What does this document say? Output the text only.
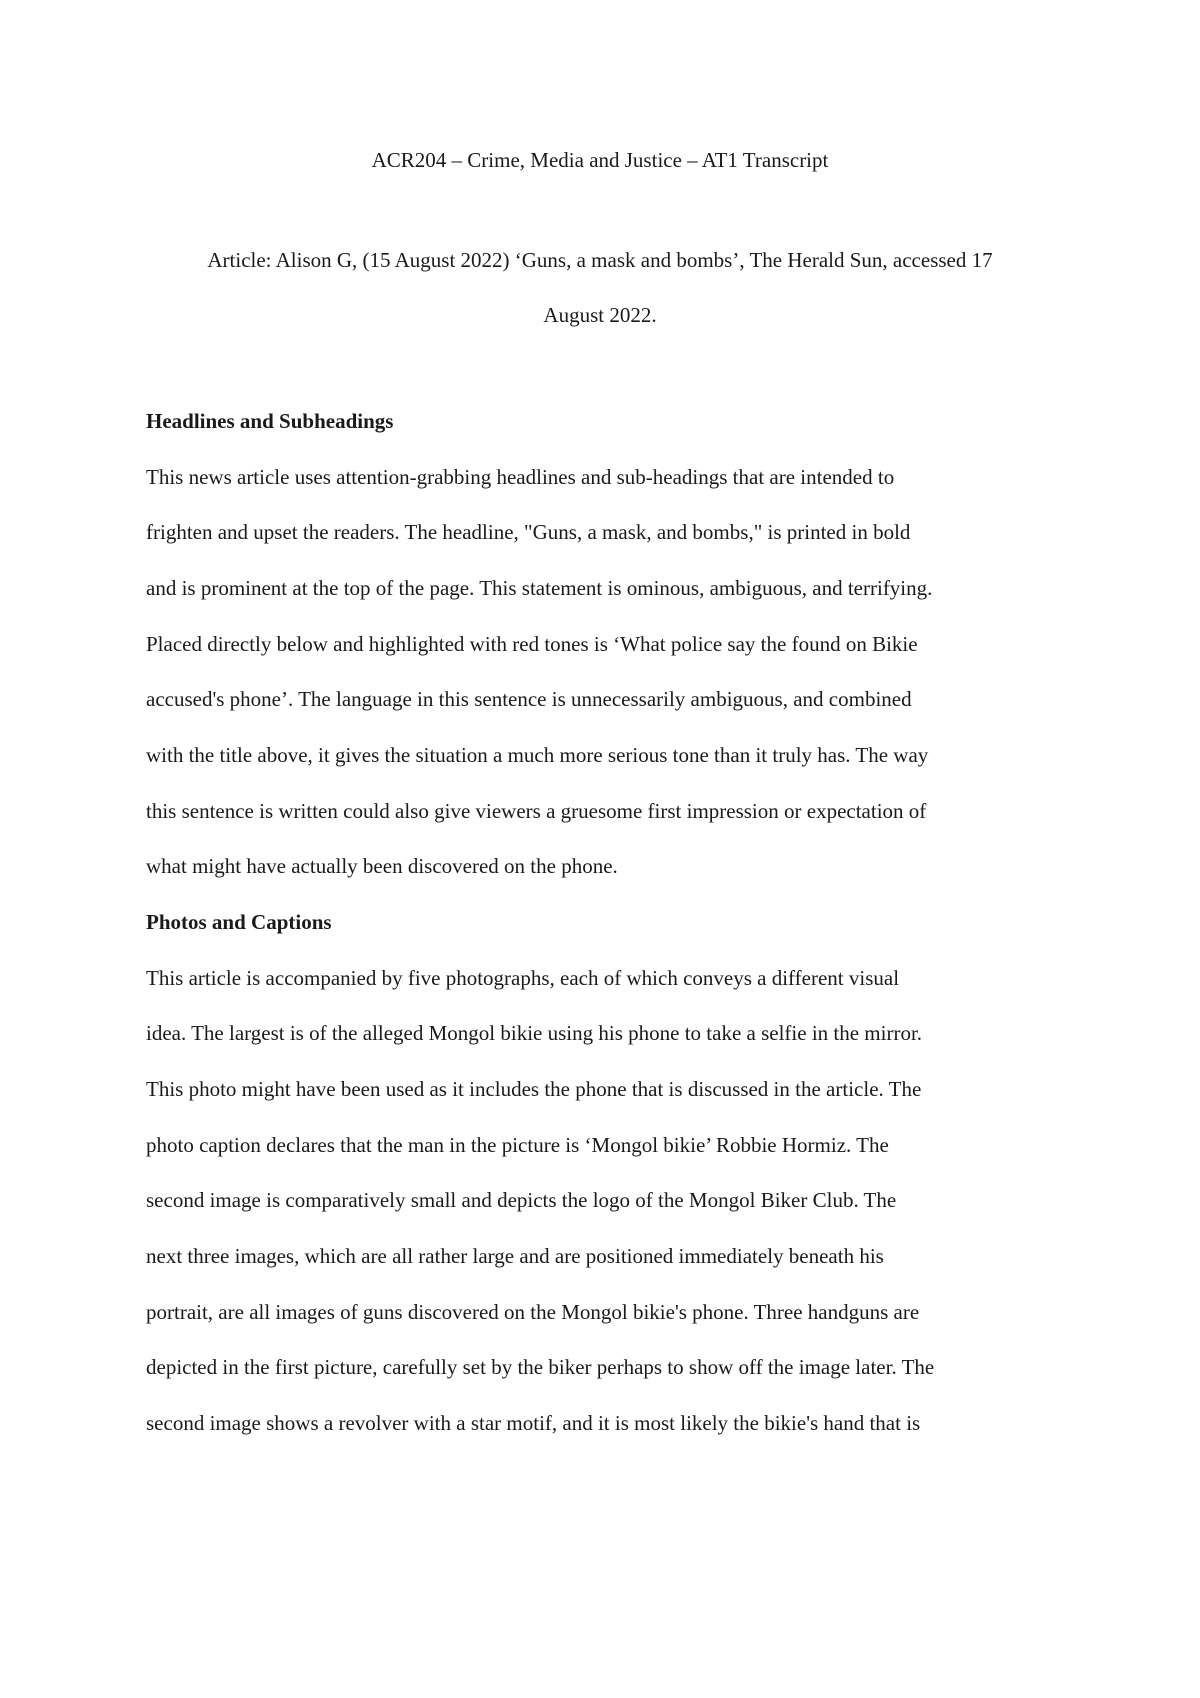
ACR204 – Crime, Media and Justice – AT1 Transcript
Article: Alison G, (15 August 2022) ‘Guns, a mask and bombs’, The Herald Sun, accessed 17
August 2022.
Headlines and Subheadings
This news article uses attention-grabbing headlines and sub-headings that are intended to
frighten and upset the readers. The headline, "Guns, a mask, and bombs," is printed in bold
and is prominent at the top of the page. This statement is ominous, ambiguous, and terrifying.
Placed directly below and highlighted with red tones is ‘What police say the found on Bikie
accused's phone’. The language in this sentence is unnecessarily ambiguous, and combined
with the title above, it gives the situation a much more serious tone than it truly has. The way
this sentence is written could also give viewers a gruesome first impression or expectation of
what might have actually been discovered on the phone.
Photos and Captions
This article is accompanied by five photographs, each of which conveys a different visual
idea. The largest is of the alleged Mongol bikie using his phone to take a selfie in the mirror.
This photo might have been used as it includes the phone that is discussed in the article. The
photo caption declares that the man in the picture is ‘Mongol bikie’ Robbie Hormiz. The
second image is comparatively small and depicts the logo of the Mongol Biker Club. The
next three images, which are all rather large and are positioned immediately beneath his
portrait, are all images of guns discovered on the Mongol bikie's phone. Three handguns are
depicted in the first picture, carefully set by the biker perhaps to show off the image later. The
second image shows a revolver with a star motif, and it is most likely the bikie's hand that is
